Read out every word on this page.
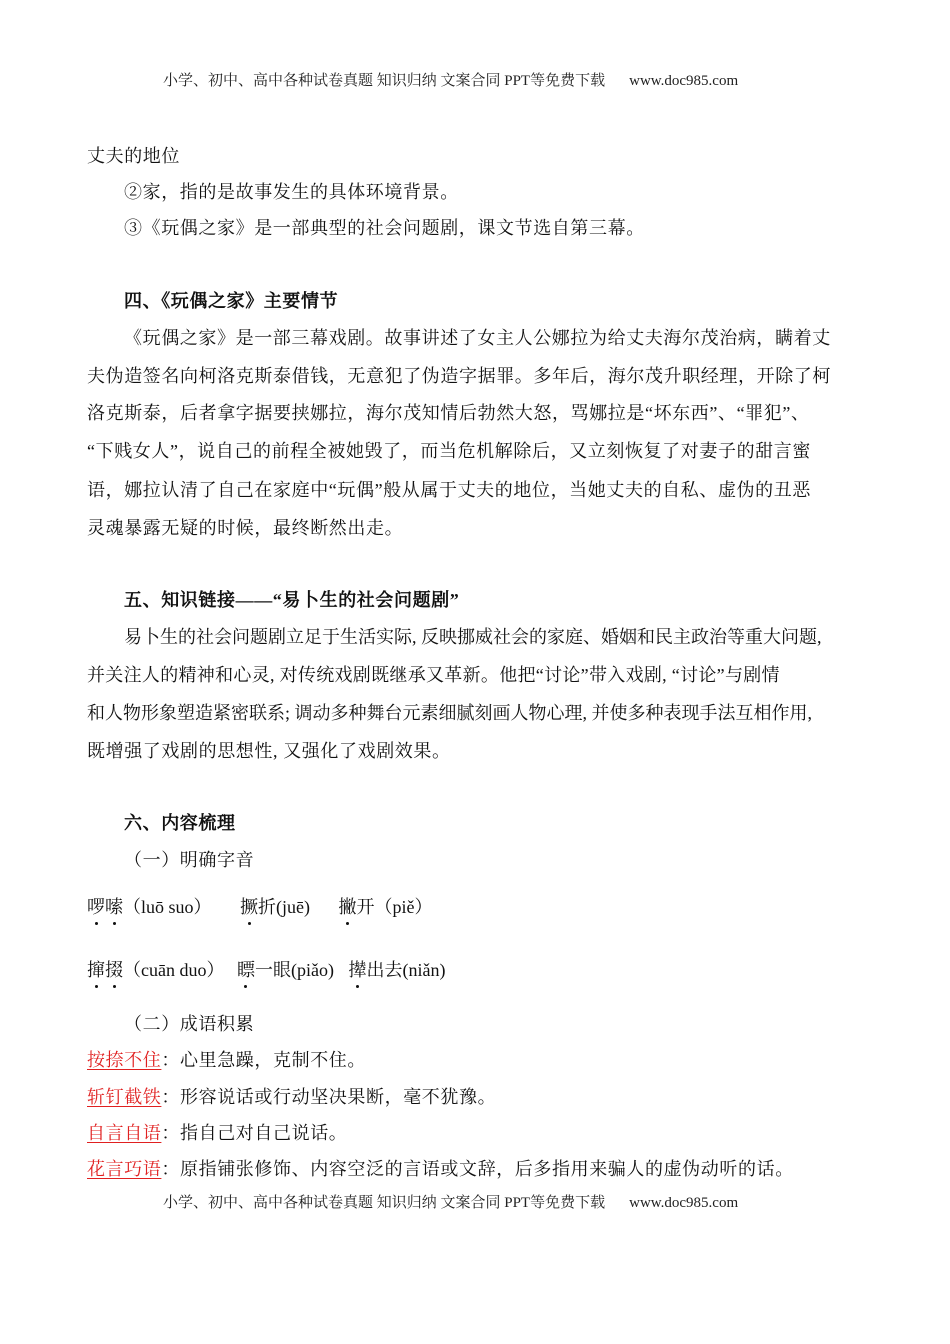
小学、初中、高中各种试卷真题 知识归纳 文案合同 PPT等免费下载 www.doc985.com
丈夫的地位
②家，指的是故事发生的具体环境背景。
③《玩偶之家》是一部典型的社会问题剧，课文节选自第三幕。
四、《玩偶之家》主要情节
《玩偶之家》是一部三幕戏剧。故事讲述了女主人公娜拉为给丈夫海尔茂治病，瞒着丈
夫伪造签名向柯洛克斯泰借钱，无意犯了伪造字据罪。多年后，海尔茂升职经理，开除了柯
洛克斯泰，后者拿字据要挟娜拉，海尔茂知情后勃然大怒，骂娜拉是“坏东西”、“罪犯”、
“下贱女人”，说自己的前程全被她毁了，而当危机解除后，又立刻恢复了对妻子的甜言蜜
语，娜拉认清了自己在家庭中“玩偶”般从属于丈夫的地位，当她丈夫的自私、虚伪的丑恶
灵魂暴露无疑的时候，最终断然出走。
五、知识链接——“易卜生的社会问题剧”
易卜生的社会问题剧立足于生活实际, 反映挪威社会的家庭、婚姻和民主政治等重大问题,
并关注人的精神和心灵, 对传统戏剧既继承又革新。他把“讨论”带入戏剧, “讨论”与剧情
和人物形象塑造紧密联系; 调动多种舞台元素细腻刻画人物心理, 并使多种表现手法互相作用,
既增强了戏剧的思想性, 又强化了戏剧效果。
六、内容梳理
（一）明确字音
啰嗦（luō suo） 撅折(juē) 撇开（piě）
撺掇（cuān duo） 瞟一眼(piǎo) 撵出去(niǎn)
（二）成语积累
按捺不住：心里急躁，克制不住。
斩钉截铁：形容说话或行动坚决果断，毫不犹豫。
自言自语：指自己对自己说话。
花言巧语：原指铺张修饰、内容空泛的言语或文辞，后多指用来骗人的虚伪动听的话。
小学、初中、高中各种试卷真题 知识归纳 文案合同 PPT等免费下载 www.doc985.com
